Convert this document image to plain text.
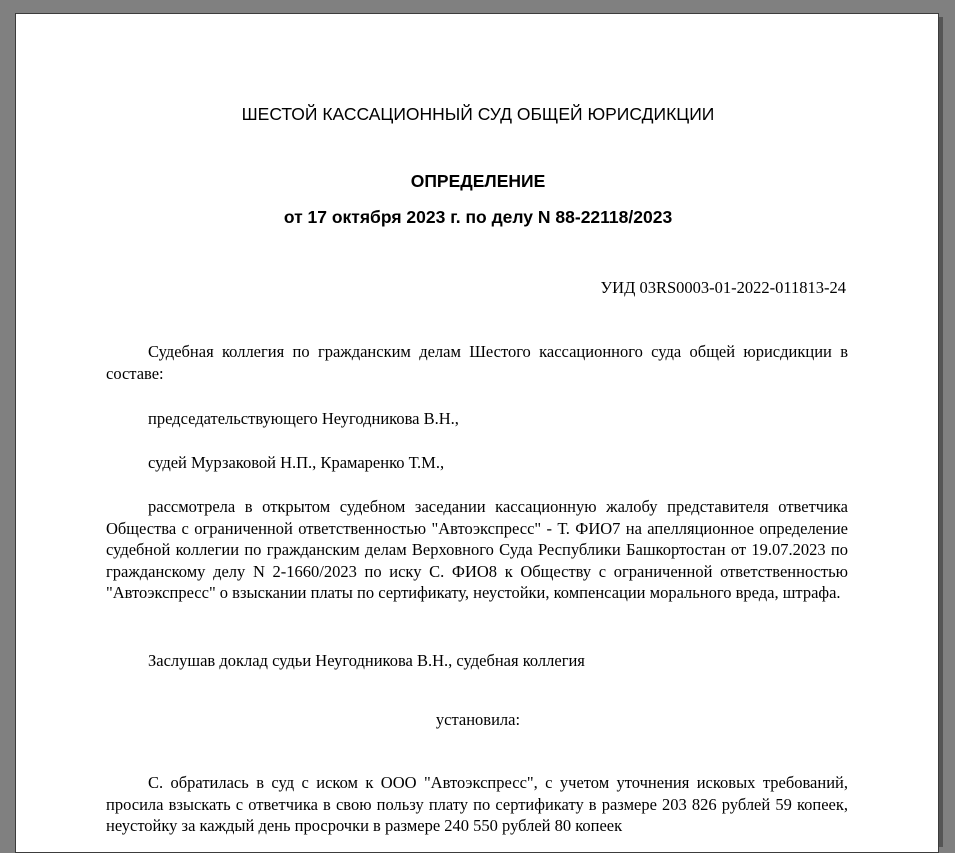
ШЕСТОЙ КАССАЦИОННЫЙ СУД ОБЩЕЙ ЮРИСДИКЦИИ
ОПРЕДЕЛЕНИЕ
от 17 октября 2023 г. по делу N 88-22118/2023
УИД 03RS0003-01-2022-011813-24

Судебная коллегия по гражданским делам Шестого кассационного суда общей юрисдикции в составе:

председательствующего Неугодникова В.Н.,

судей Мурзаковой Н.П., Крамаренко Т.М.,

рассмотрела в открытом судебном заседании кассационную жалобу представителя ответчика Общества с ограниченной ответственностью "Автоэкспресс" - Т. ФИО7 на апелляционное определение судебной коллегии по гражданским делам Верховного Суда Республики Башкортостан от 19.07.2023 по гражданскому делу N 2-1660/2023 по иску С. ФИО8 к Обществу с ограниченной ответственностью "Автоэкспресс" о взыскании платы по сертификату, неустойки, компенсации морального вреда, штрафа.

Заслушав доклад судьи Неугодникова В.Н., судебная коллегия

установила:

С. обратилась в суд с иском к ООО "Автоэкспресс", с учетом уточнения исковых требований, просила взыскать с ответчика в свою пользу плату по сертификату в размере 203 826 рублей 59 копеек, неустойку за каждый день просрочки в размере 240 550 рублей 80 копеек
